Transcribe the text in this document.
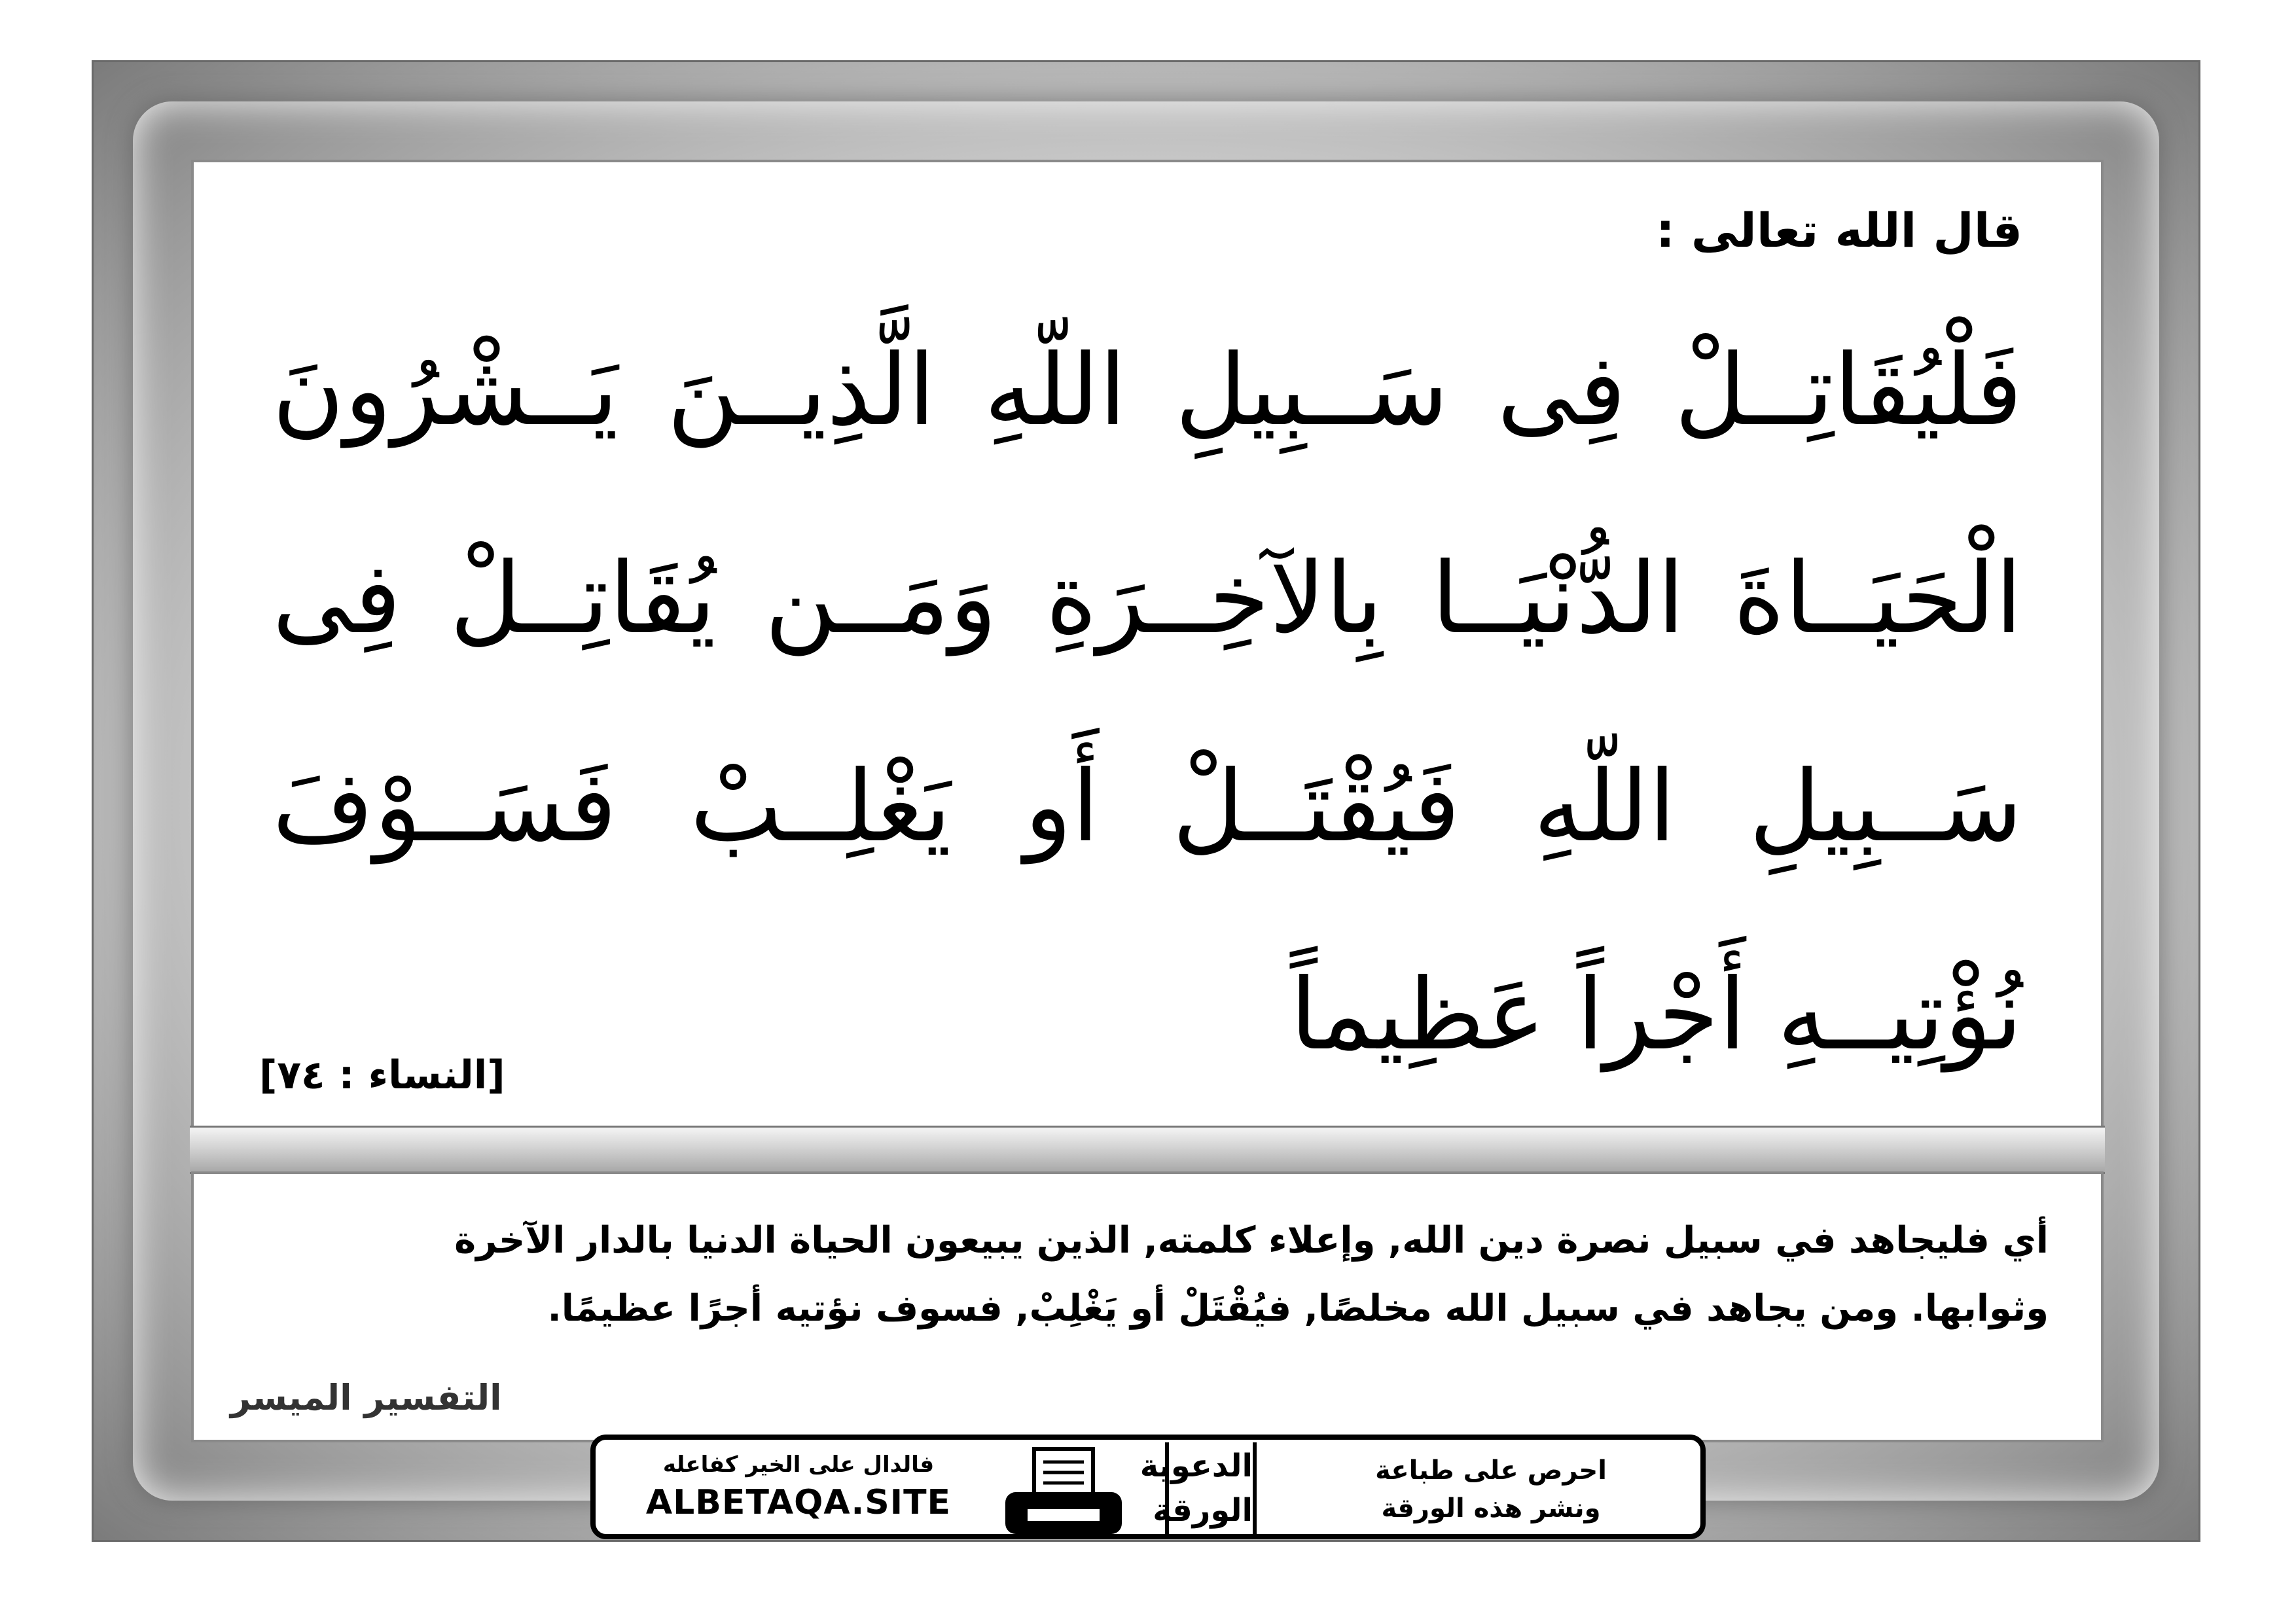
قال الله تعالى :
فَلْيُقَاتِــلْ فِى سَــبِيلِ اللّهِ الَّذِيــنَ يَــشْرُونَ
الْحَيَــاةَ الدُّنْيَــا بِالآخِــرَةِ وَمَــن يُقَاتِــلْ فِى
سَــبِيلِ اللّهِ فَيُقْتَــلْ أَو يَغْلِــبْ فَسَــوْفَ
نُؤْتِيــهِ أَجْراً عَظِيماً
[النساء : ٧٤]
أي فليجاهد في سبيل نصرة دين الله, وإعلاء كلمته, الذين يبيعون الحياة الدنيا بالدار الآخرة
وثوابها. ومن يجاهد في سبيل الله مخلصًا, فيُقْتَلْ أو يَغْلِبْ, فسوف نؤتيه أجرًا عظيمًا.
التفسير الميسر
فالدال على الخير كفاعله
ALBETAQA.SITE
الدعوية
الورقة
احرص على طباعة
ونشر هذه الورقة
